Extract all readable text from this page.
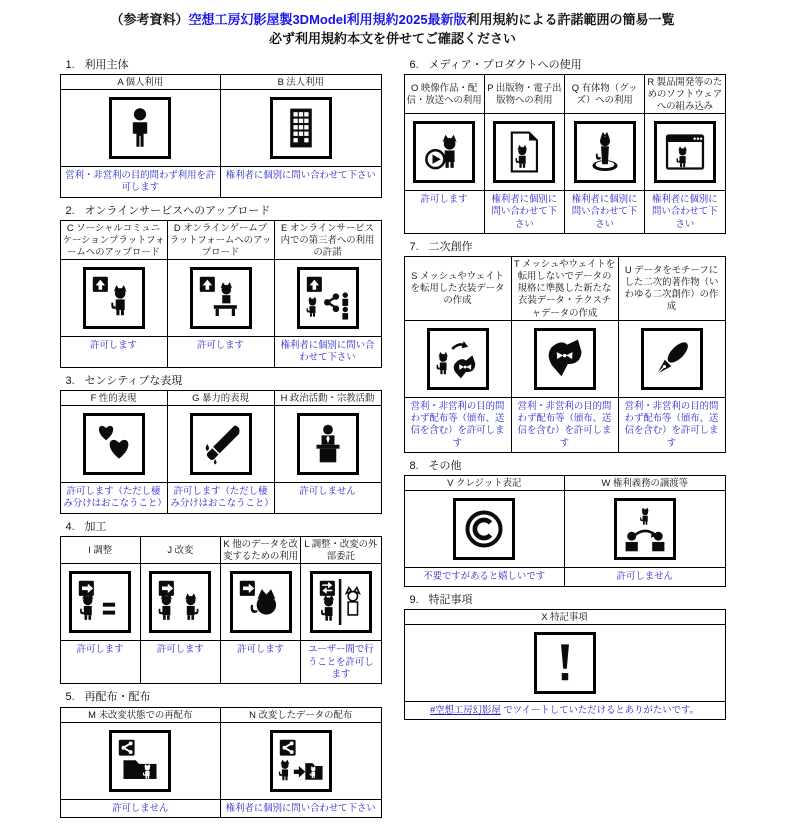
（参考資料）空想工房幻影屋製3DModel利用規約2025最新版利用規約による許諾範囲の簡易一覧
必ず利用規約本文を併せてご確認ください
1. 利用主体
A 個人利用	B 法人利用

営利・非営利の目的問わず利用を許可します	権利者に個別に問い合わせて下さい
2. オンラインサービスへのアップロード
C ソーシャルコミュニケーションプラットフォームへのアップロード	D オンラインゲームプラットフォームへのアップロード	E オンラインサービス内での第三者への利用の許諾

許可します	許可します	権利者に個別に問い合わせて下さい
3. センシティブな表現
F 性的表現	G 暴力的表現	H 政治活動・宗教活動

許可します（ただし棲み分けはおこなうこと）	許可します（ただし棲み分けはおこなうこと）	許可しません
4. 加工
I 調整	J 改変	K 他のデータを改変するための利用	L 調整・改変の外部委託

許可します	許可します	許可します	ユーザー間で行うことを許可します
5. 再配布・配布
M 未改変状態での再配布	N 改変したデータの配布

許可しません	権利者に個別に問い合わせて下さい
6. メディア・プロダクトへの使用
O 映像作品・配信・放送への利用	P 出版物・電子出版物への利用	Q 有体物（グッズ）への利用	R 製品開発等のためのソフトウェアへの組み込み

許可します	権利者に個別に問い合わせて下さい	権利者に個別に問い合わせて下さい	権利者に個別に問い合わせて下さい
7. 二次創作
S メッシュやウェイトを転用した衣装データの作成	T メッシュやウェイトを転用しないでデータの規格に準拠した新たな衣装データ・テクスチャデータの作成	U データをモチーフにした二次的著作物（いわゆる二次創作）の作成

営利・非営利の目的問わず配布等（頒布、送信を含む）を許可します	営利・非営利の目的問わず配布等（頒布、送信を含む）を許可します	営利・非営利の目的問わず配布等（頒布、送信を含む）を許可します
8. その他
V クレジット表記	W 権利義務の譲渡等

不要ですがあると嬉しいです	許可しません
9. 特記事項
X 特記事項

#空想工房幻影屋 でツイートしていただけるとありがたいです。
